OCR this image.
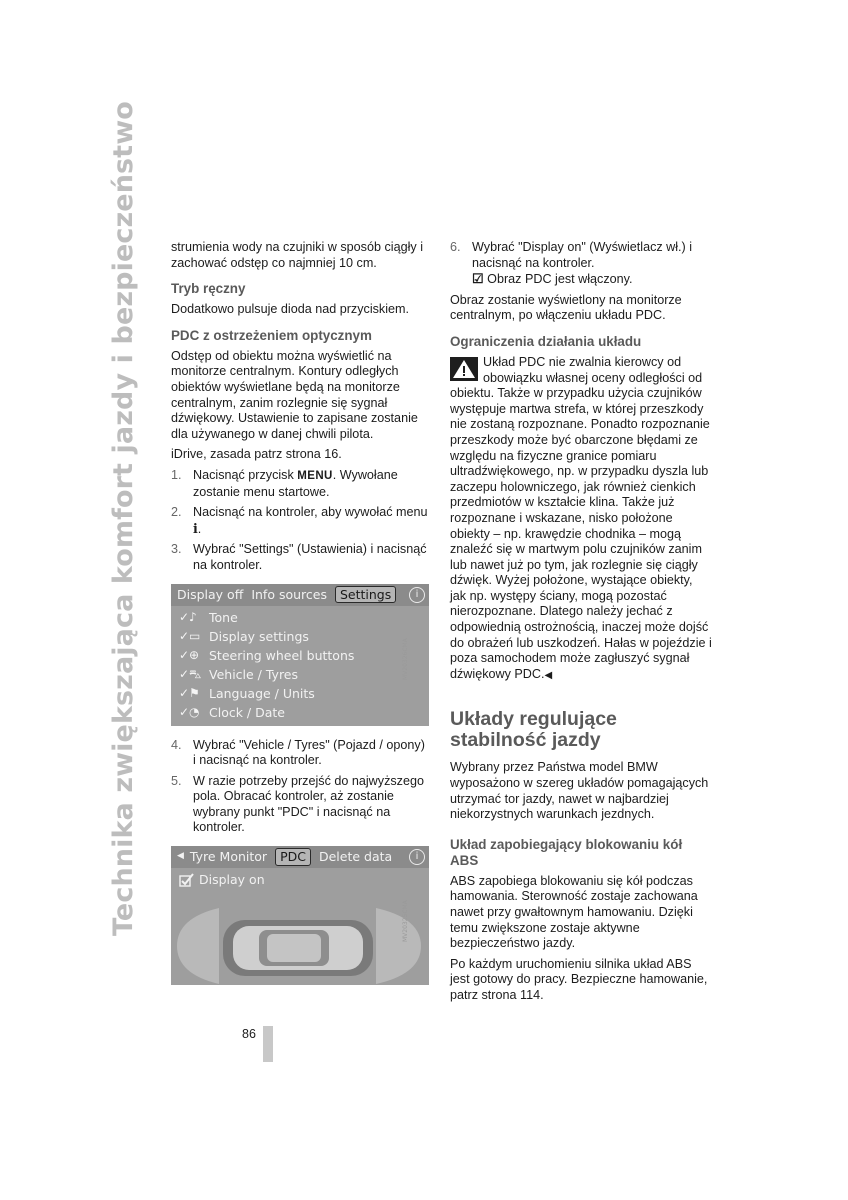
Technika zwiększająca komfort jazdy i bezpieczeństwo	strumienia wody na czujniki w sposób ciągły i zachować odstęp co najmniej 10 cm.

Tryb ręczny

Dodatkowo pulsuje dioda nad przyciskiem.

PDC z ostrzeżeniem optycznym

Odstęp od obiektu można wyświetlić na monitorze centralnym. Kontury odległych obiektów wyświetlane będą na monitorze centralnym, zanim rozlegnie się sygnał dźwiękowy. Ustawienie to zapisane zostanie dla używanego w danej chwili pilota.

iDrive, zasada patrz strona 16.

1. Nacisnąć przycisk MENU. Wywołane zostanie menu startowe.
2. Nacisnąć na kontroler, aby wywołać menu i.
3. Wybrać "Settings" (Ustawienia) i nacisnąć na kontroler.
Display off Info sources	Settings	i
✓♪ Tone
✓▭ Display settings
✓⊕ Steering wheel buttons
✓⛍ Vehicle / Tyres
✓⚑ Language / Units
✓◔ Clock / Date
MV20326CMA
4. Wybrać "Vehicle / Tyres" (Pojazd / opony) i nacisnąć na kontroler.
5. W razie potrzeby przejść do najwyższego pola. Obracać kontroler, aż zostanie wybrany punkt "PDC" i nacisnąć na kontroler.
◀ Tyre Monitor	PDC	Delete data	i
Display on
MV20325CMA
6. Wybrać "Display on" (Wyświetlacz wł.) i nacisnąć na kontroler.
☑ Obraz PDC jest włączony.

Obraz zostanie wyświetlony na monitorze centralnym, po włączeniu układu PDC.

Ograniczenia działania układu

Układ PDC nie zwalnia kierowcy od obowiązku własnej oceny odległości od obiektu. Także w przypadku użycia czujników występuje martwa strefa, w której przeszkody nie zostaną rozpoznane. Ponadto rozpoznanie przeszkody może być obarczone błędami ze względu na fizyczne granice pomiaru ultradźwiękowego, np. w przypadku dyszla lub zaczepu holowniczego, jak również cienkich przedmiotów w kształcie klina. Także już rozpoznane i wskazane, nisko położone obiekty – np. krawędzie chodnika – mogą znaleźć się w martwym polu czujników zanim lub nawet już po tym, jak rozlegnie się ciągły dźwięk. Wyżej położone, wystające obiekty, jak np. występy ściany, mogą pozostać nierozpoznane. Dlatego należy jechać z odpowiednią ostrożnością, inaczej może dojść do obrażeń lub uszkodzeń. Hałas w pojeździe i poza samochodem może zagłuszyć sygnał dźwiękowy PDC.◀

Układy regulujące stabilność jazdy

Wybrany przez Państwa model BMW wyposażono w szereg układów pomagających utrzymać tor jazdy, nawet w najbardziej niekorzystnych warunkach jezdnych.

Układ zapobiegający blokowaniu kół ABS

ABS zapobiega blokowaniu się kół podczas hamowania. Sterowność zostaje zachowana nawet przy gwałtownym hamowaniu. Dzięki temu zwiększone zostaje aktywne bezpieczeństwo jazdy.

Po każdym uruchomieniu silnika układ ABS jest gotowy do pracy. Bezpieczne hamowanie, patrz strona 114.

86
